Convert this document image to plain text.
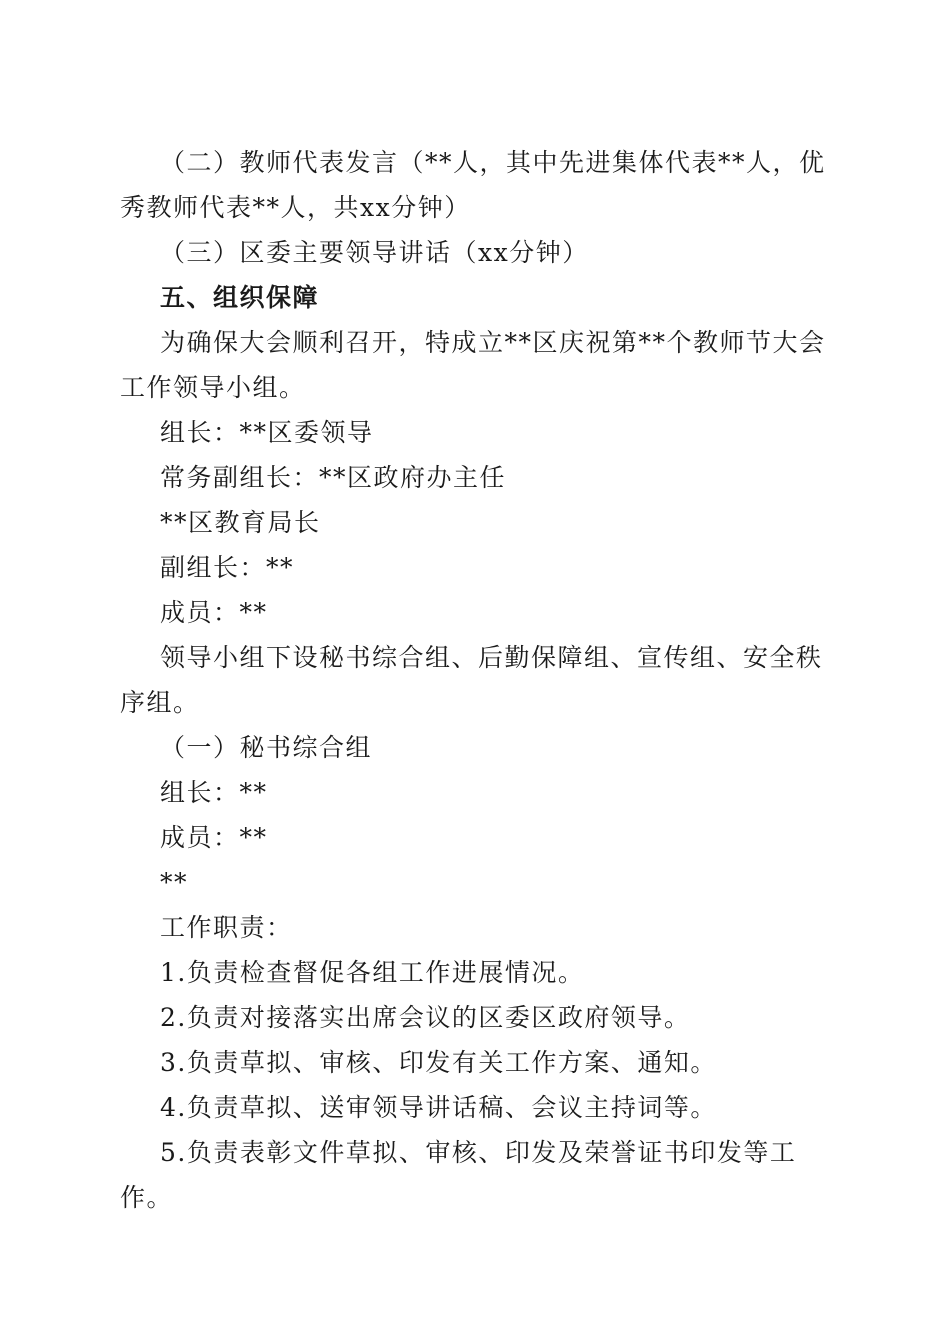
（二）教师代表发言（**人，其中先进集体代表**人，优秀教师代表**人，共xx分钟）
（三）区委主要领导讲话（xx分钟）
五、组织保障
为确保大会顺利召开，特成立**区庆祝第**个教师节大会工作领导小组。
组长：**区委领导
常务副组长：**区政府办主任
**区教育局长
副组长：**
成员：**
领导小组下设秘书综合组、后勤保障组、宣传组、安全秩序组。
（一）秘书综合组
组长：**
成员：**
**
工作职责：
1.负责检查督促各组工作进展情况。
2.负责对接落实出席会议的区委区政府领导。
3.负责草拟、审核、印发有关工作方案、通知。
4.负责草拟、送审领导讲话稿、会议主持词等。
5.负责表彰文件草拟、审核、印发及荣誉证书印发等工作。
